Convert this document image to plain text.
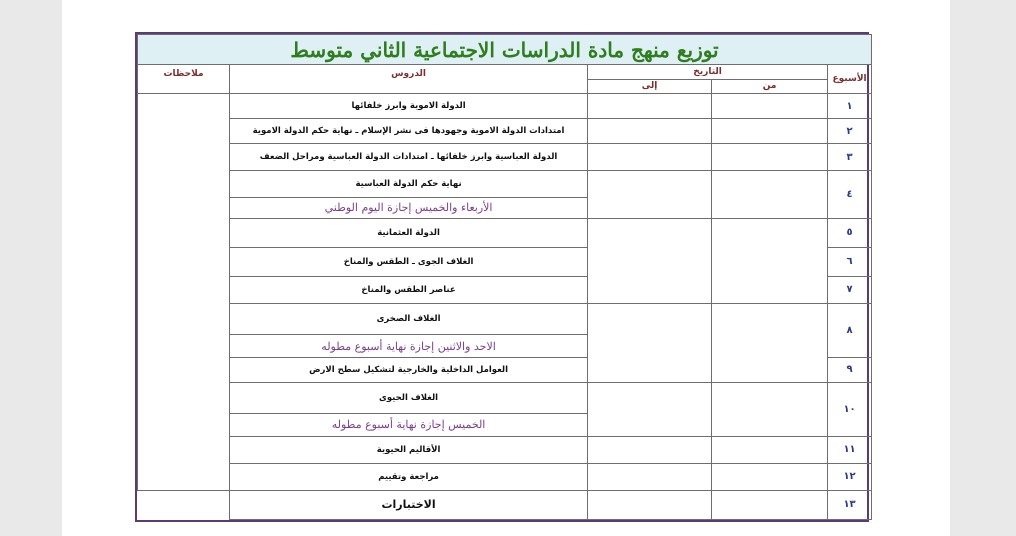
توزيع منهج مادة الدراسات الاجتماعية الثاني متوسط				
الأسبوع	التاريخ		الدروس	ملاحظات
	من	إلى		
١			الدولة الاموية وابرز خلفائها	
٢			امتدادات الدولة الاموية وجهودها فى نشر الإسلام ـ نهاية حكم الدولة الاموية	
٣			الدولة العباسية وابرز خلفائها ـ امتدادات الدولة العباسية ومراحل الضعف	
٤			نهاية حكم الدولة العباسية	
			الأربعاء والخميس إجازة اليوم الوطني	
٥			الدولة العثمانية	
٦			الغلاف الجوى ـ الطقس والمناخ	
٧			عناصر الطقس والمناخ	
٨			الغلاف الصخرى	
			الاحد والاثنين إجازة نهاية أسبوع مطوله	
٩			العوامل الداخلية والخارجية لتشكيل سطح الارض	
١٠			الغلاف الحيوى	
			الخميس إجازة نهاية أسبوع مطوله	
١١			الأقاليم الحيوية	
١٢			مراجعة وتقييم	
١٣			الاختبارات	
